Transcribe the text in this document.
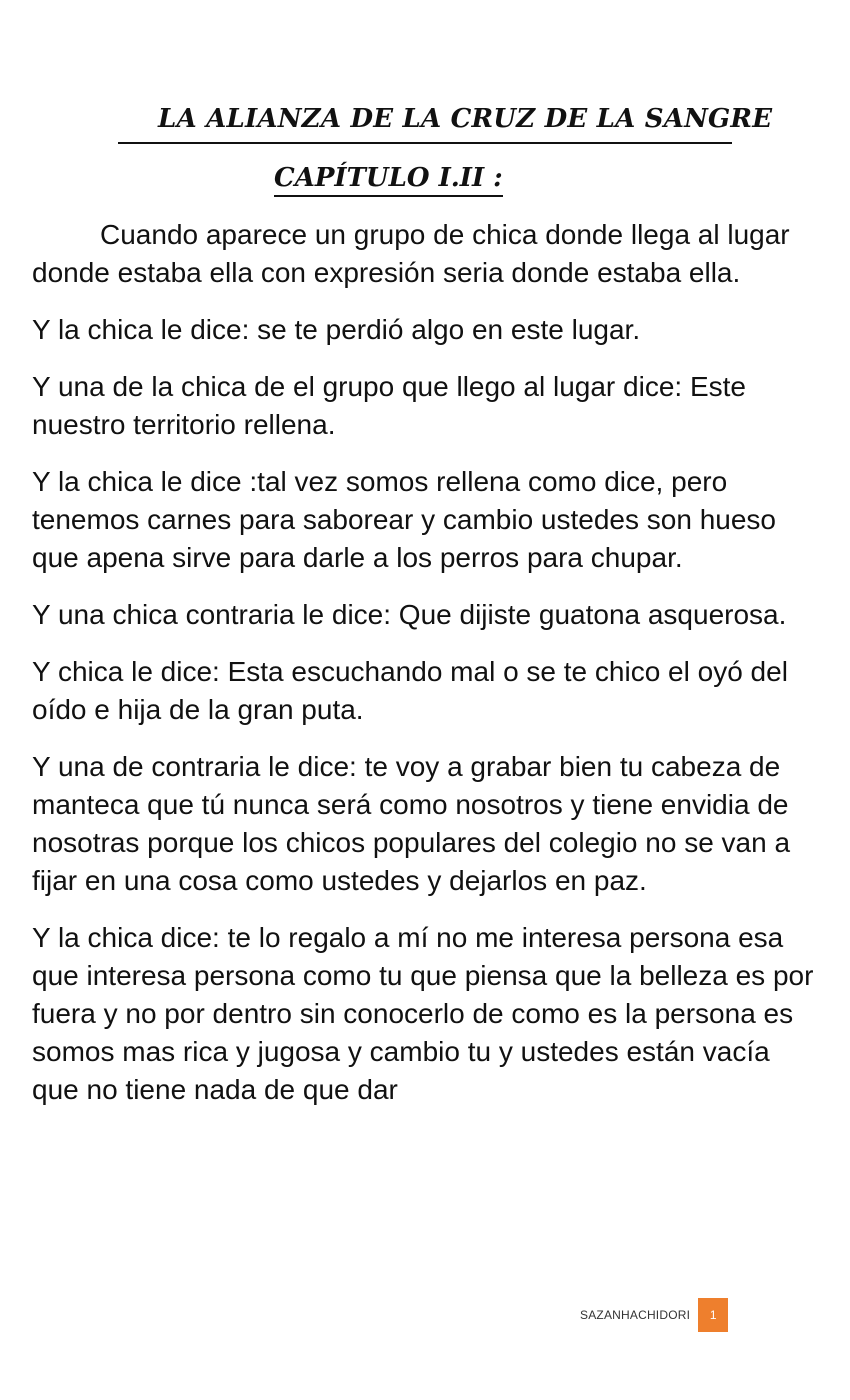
LA ALIANZA DE LA CRUZ DE LA SANGRE
CAPÍTULO I.II :

Cuando aparece un grupo de chica donde llega al lugar donde estaba ella con expresión seria donde estaba ella.

Y la chica le dice: se te perdió algo en este lugar.

Y una de la chica de el grupo que llego al lugar dice: Este nuestro territorio rellena.

Y la chica le dice :tal vez somos rellena como dice, pero tenemos carnes para saborear y cambio ustedes son hueso que apena sirve para darle a los perros para chupar.

Y una chica contraria le dice: Que dijiste guatona asquerosa.

Y chica le dice: Esta escuchando mal o se te chico el oyó del oído e hija de la gran puta.

Y una de contraria le dice: te voy a grabar bien tu cabeza de manteca que tú nunca será como nosotros y tiene envidia de nosotras porque los chicos populares del colegio no se van a fijar en una cosa como ustedes y dejarlos en paz.

Y la chica dice: te lo regalo a mí no me interesa persona esa que interesa persona como tu que piensa que la belleza es por fuera y no por dentro sin conocerlo de como es la persona es somos mas rica y jugosa y cambio tu y ustedes están vacía que no tiene nada de que dar

SAZANHACHIDORI	1
